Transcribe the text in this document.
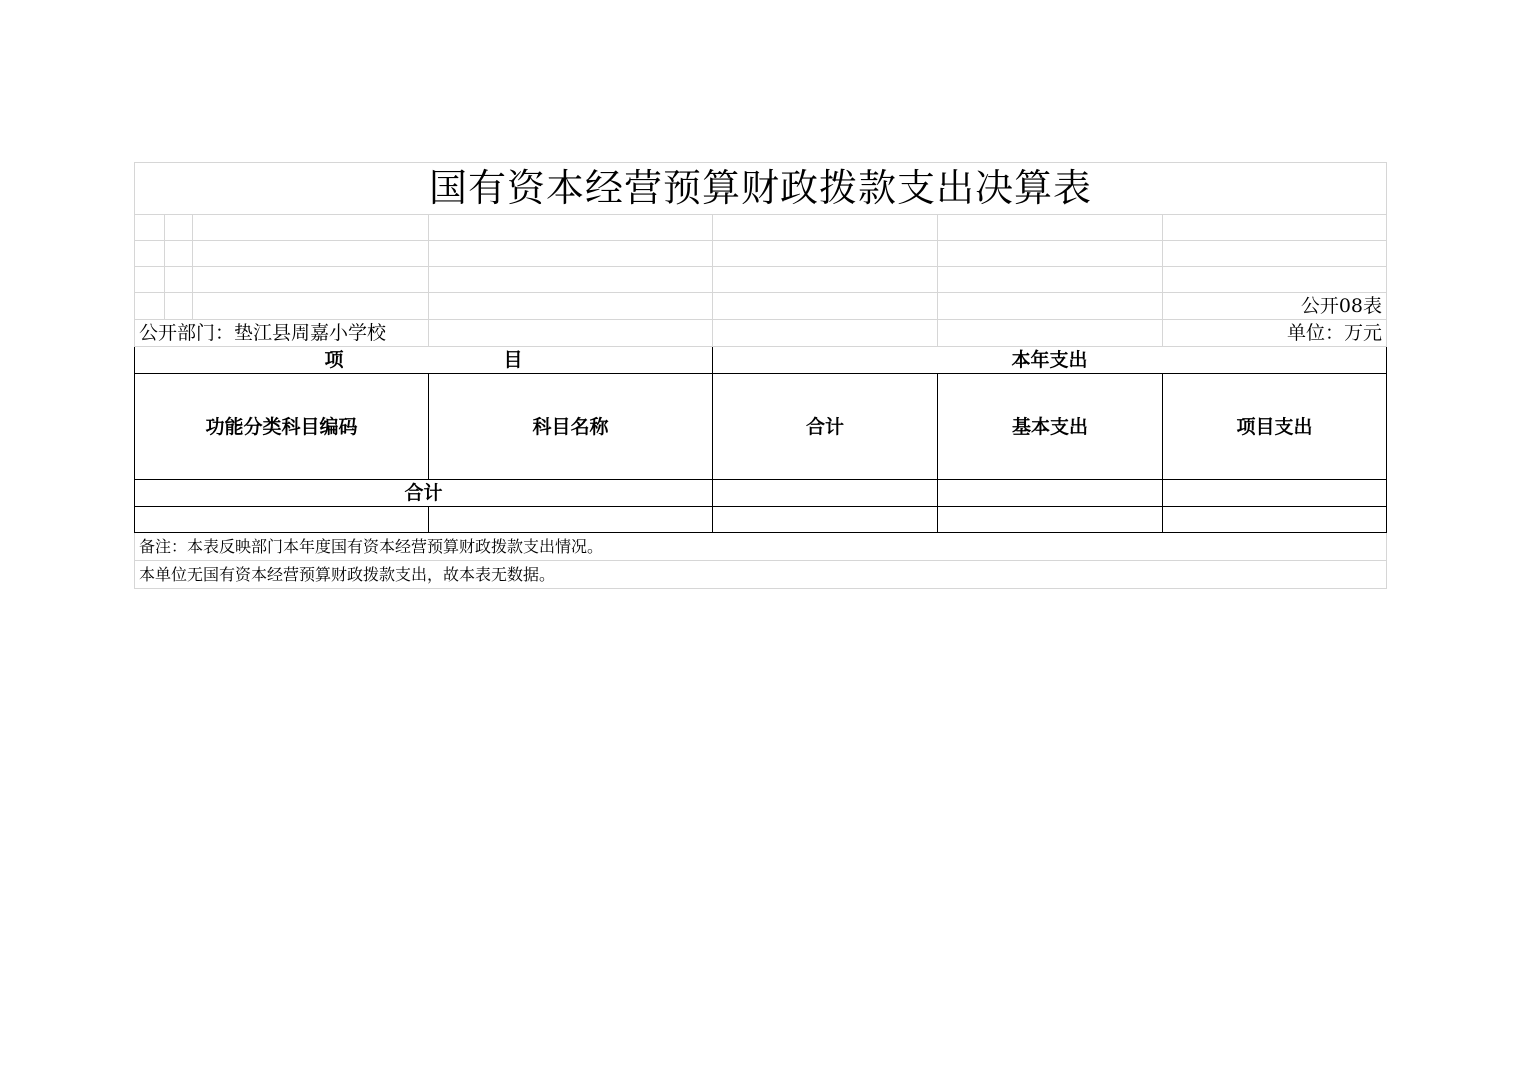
国有资本经营预算财政拨款支出决算表						

						公开08表
公开部门：垫江县周嘉小学校						单位：万元
项 目				本年支出		
功能分类科目编码			科目名称	合计	基本支出	项目支出
合计						

备注：本表反映部门本年度国有资本经营预算财政拨款支出情况。						
本单位无国有资本经营预算财政拨款支出，故本表无数据。						
